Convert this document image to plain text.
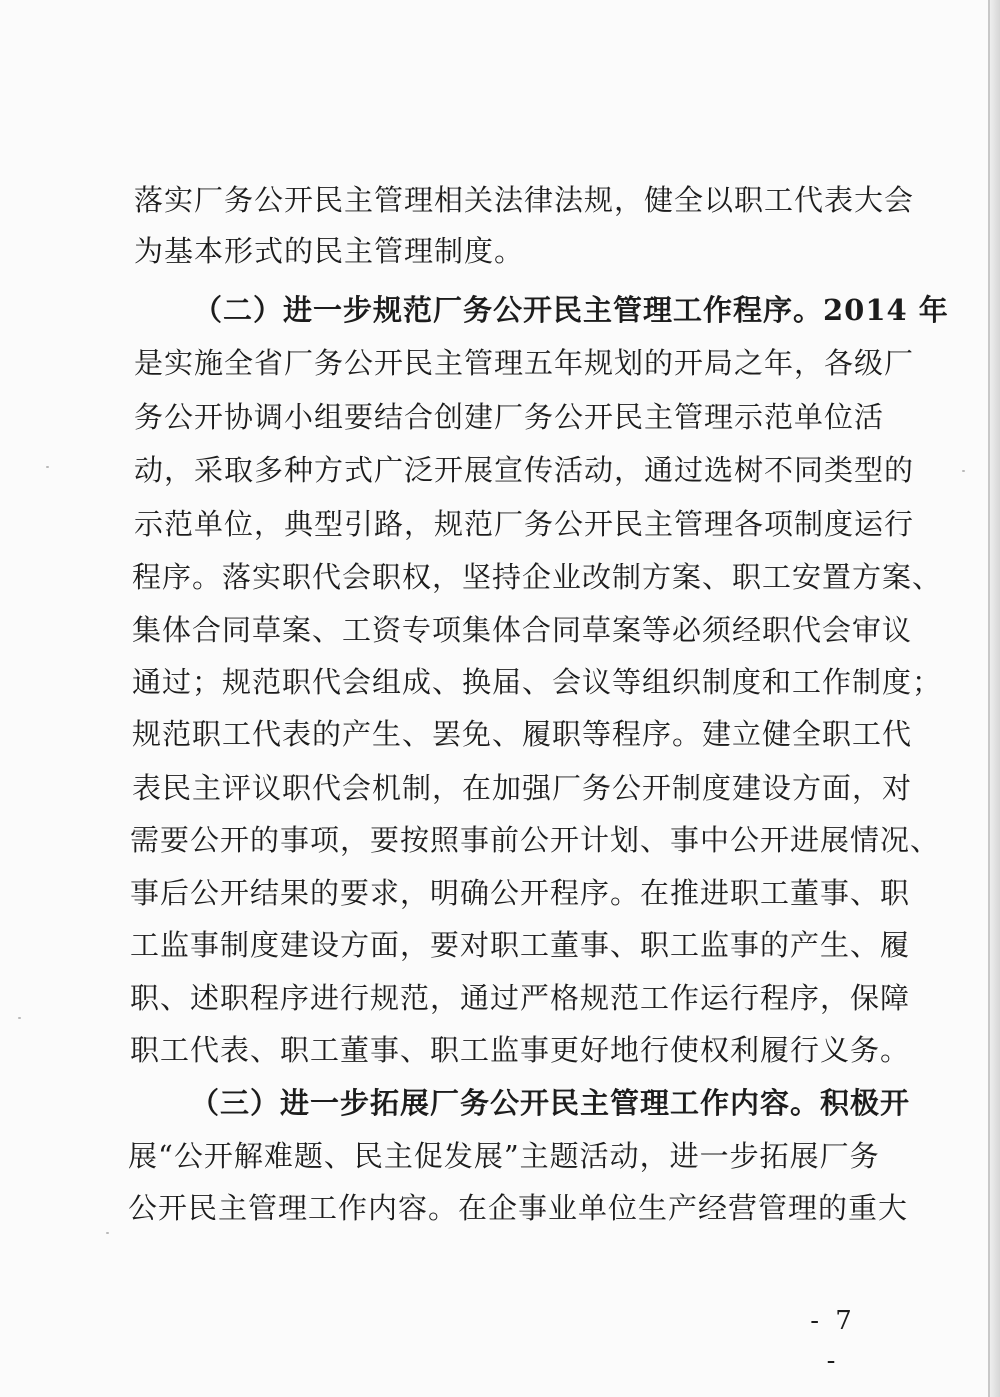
落实厂务公开民主管理相关法律法规，健全以职工代表大会

为基本形式的民主管理制度。

（二）进一步规范厂务公开民主管理工作程序。2014 年

是实施全省厂务公开民主管理五年规划的开局之年，各级厂

务公开协调小组要结合创建厂务公开民主管理示范单位活

动，采取多种方式广泛开展宣传活动，通过选树不同类型的

示范单位，典型引路，规范厂务公开民主管理各项制度运行

程序。落实职代会职权，坚持企业改制方案、职工安置方案、

集体合同草案、工资专项集体合同草案等必须经职代会审议

通过；规范职代会组成、换届、会议等组织制度和工作制度；

规范职工代表的产生、罢免、履职等程序。建立健全职工代

表民主评议职代会机制，在加强厂务公开制度建设方面，对

需要公开的事项，要按照事前公开计划、事中公开进展情况、

事后公开结果的要求，明确公开程序。在推进职工董事、职

工监事制度建设方面，要对职工董事、职工监事的产生、履

职、述职程序进行规范，通过严格规范工作运行程序，保障

职工代表、职工董事、职工监事更好地行使权利履行义务。

（三）进一步拓展厂务公开民主管理工作内容。积极开

展“公开解难题、民主促发展”主题活动，进一步拓展厂务

公开民主管理工作内容。在企事业单位生产经营管理的重大

- 7 -
